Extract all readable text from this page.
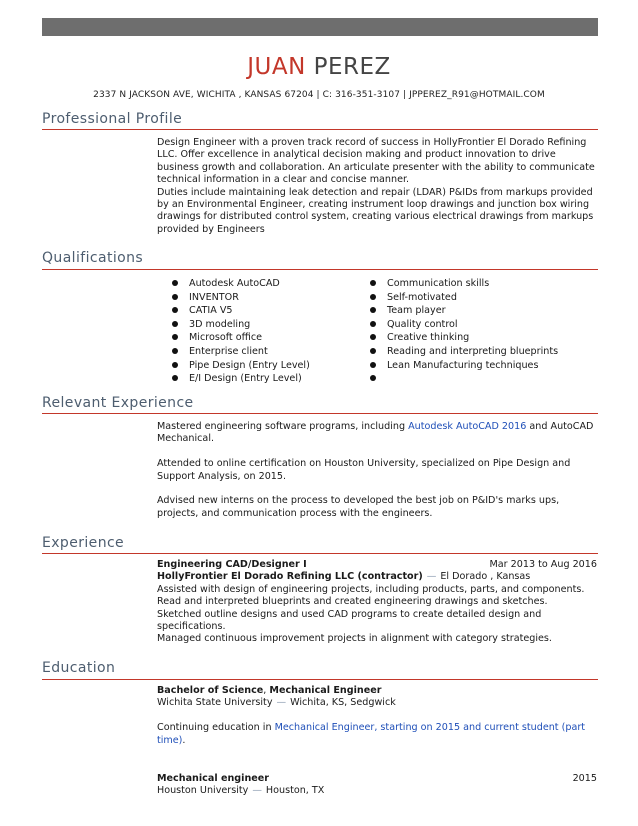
JUAN PEREZ
2337 N JACKSON AVE, WICHITA , KANSAS 67204 | C: 316-351-3107 | JPPEREZ_R91@HOTMAIL.COM
Professional Profile

Design Engineer with a proven track record of success in HollyFrontier El Dorado Refining LLC. Offer excellence in analytical decision making and product innovation to drive business growth and collaboration. An articulate presenter with the ability to communicate technical information in a clear and concise manner.

Duties include maintaining leak detection and repair (LDAR) P&IDs from markups provided by an Environmental Engineer, creating instrument loop drawings and junction box wiring drawings for distributed control system, creating various electrical drawings from markups provided by Engineers

Qualifications
Autodesk AutoCAD
INVENTOR
CATIA V5
3D modeling
Microsoft office
Enterprise client
Pipe Design (Entry Level)
E/I Design (Entry Level)
Communication skills
Self-motivated
Team player
Quality control
Creative thinking
Reading and interpreting blueprints
Lean Manufacturing techniques
Relevant Experience

Mastered engineering software programs, including Autodesk AutoCAD 2016 and AutoCAD Mechanical.

Attended to online certification on Houston University, specialized on Pipe Design and Support Analysis, on 2015.

Advised new interns on the process to developed the best job on P&ID's marks ups, projects, and communication process with the engineers.

Experience
Engineering CAD/Designer I	Mar 2013 to Aug 2016
HollyFrontier El Dorado Refining LLC (contractor) — El Dorado , Kansas
Assisted with design of engineering projects, including products, parts, and components.
Read and interpreted blueprints and created engineering drawings and sketches.
Sketched outline designs and used CAD programs to create detailed design and specifications.
Managed continuous improvement projects in alignment with category strategies.
Education
Bachelor of Science, Mechanical Engineer
Wichita State University — Wichita, KS, Sedgwick

Continuing education in Mechanical Engineer, starting on 2015 and current student (part time).

Mechanical engineer	2015
Houston University — Houston, TX
